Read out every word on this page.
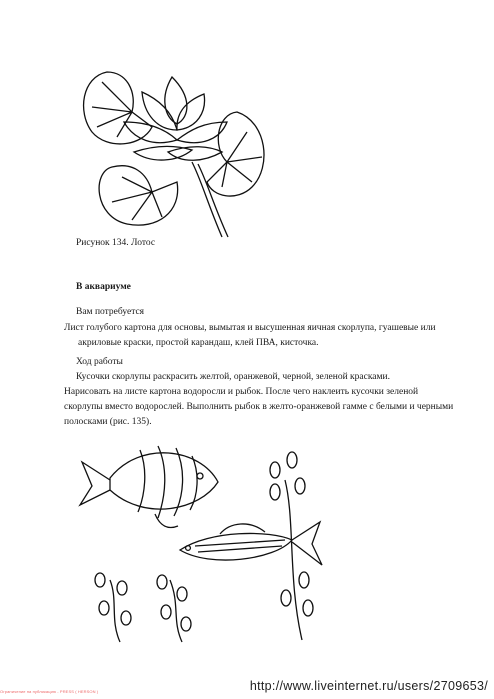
Рисунок 134. Лотос
В аквариуме
Вам потребуется

Лист голубого картона для основы, вымытая и высушенная яичная скорлупа, гуашевые или акриловые краски, простой карандаш, клей ПВА, кисточка.

Ход работы

Кусочки скорлупы раскрасить желтой, оранжевой, черной, зеленой красками.

Нарисовать на листе картона водоросли и рыбок. После чего наклеить кусочки зеленой скорлупы вместо водорослей. Выполнить рыбок в желто-оранжевой гамме с белыми и черными полосками (рис. 135).

Ограничение на публикацию - PRESS ( HERSON )	http://www.liveinternet.ru/users/2709653/
